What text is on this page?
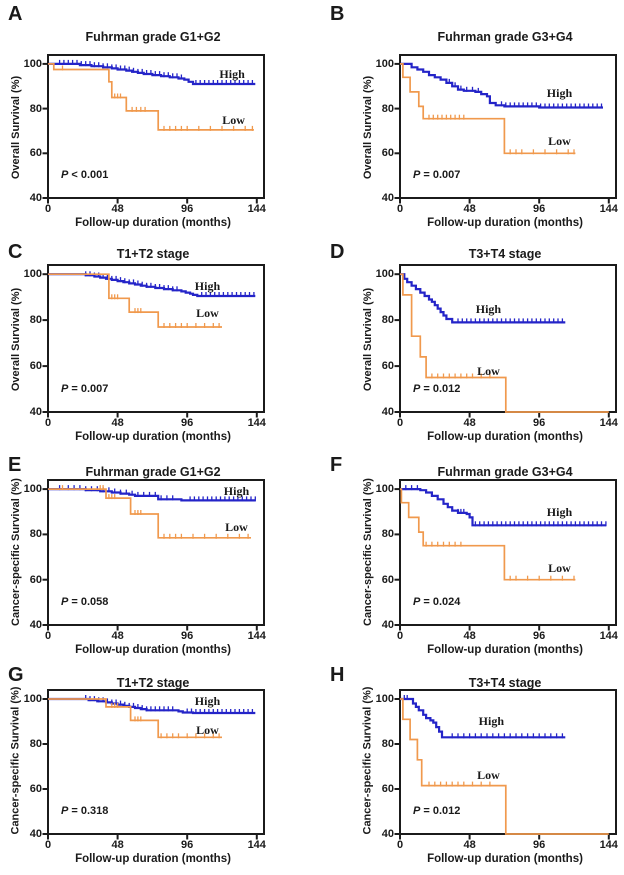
A
Fuhrman grade G1+G2
Overall Survival (%)
100
80
60
40
0	48	96	144
Follow-up duration (months)
P < 0.001
High
Low
B
Fuhrman grade G3+G4
Overall Survival (%)
100
80
60
40
0	48	96	144
Follow-up duration (months)
P = 0.007
High
Low
C	T1+T2 stage
Overall Survival (%)
100
80
60
40
0	48	96	144
Follow-up duration (months)
P = 0.007
High
Low
D	T3+T4 stage
Overall Survival (%)
100
80
60
40
0	48	96	144
Follow-up duration (months)
P = 0.012
High
Low
E	Fuhrman grade G1+G2
Cancer-specific Survival (%) 100
80
60
40
0	48	96	144
Follow-up duration (months)
P = 0.058
High
Low
F	Fuhrman grade G3+G4
Cancer-specific Survival (%) 100
80
60
40
0	48	96	144
Follow-up duration (months)
P = 0.024
High
Low
G	T1+T2 stage
Cancer-specific Survival (%) 100
80
60
40
0	48	96	144
Follow-up duration (months)
P = 0.318
High
Low
H	T3+T4 stage
Cancer-specific Survival (%) 100
80
60
40
0	48	96	144
Follow-up duration (months)
P = 0.012
High
Low
